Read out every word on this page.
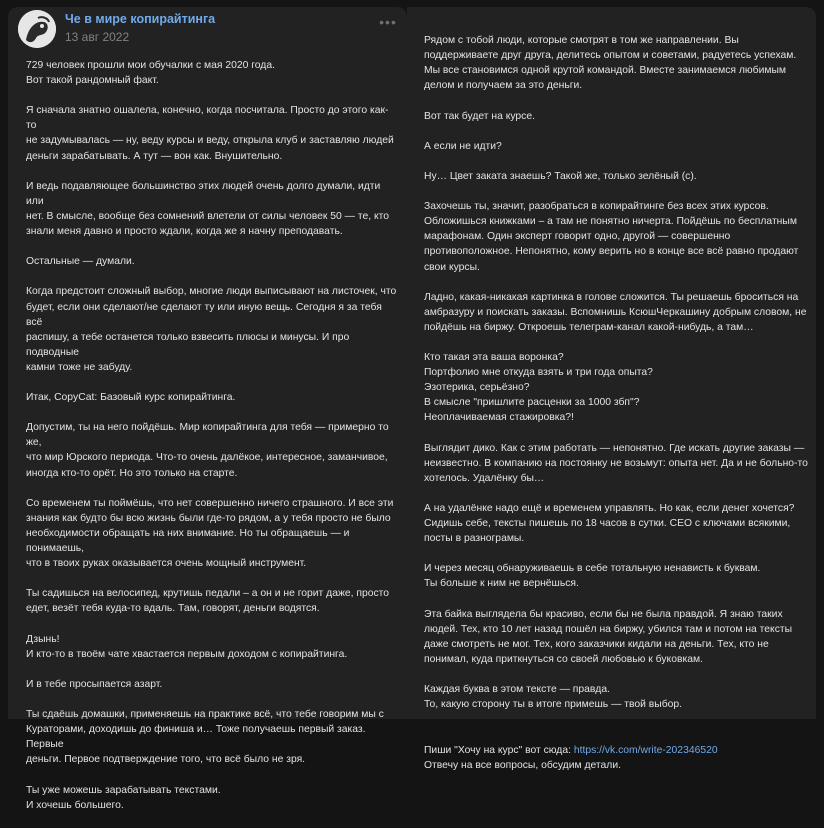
Че в мире копирайтинга
13 авг 2022
•••
729 человек прошли мои обучалки с мая 2020 года.
Вот такой рандомный факт.
Я сначала знатно ошалела, конечно, когда посчитала. Просто до этого как-то
не задумывалась — ну, веду курсы и веду, открыла клуб и заставляю людей
деньги зарабатывать. А тут — вон как. Внушительно.
И ведь подавляющее большинство этих людей очень долго думали, идти или
нет. В смысле, вообще без сомнений влетели от силы человек 50 — те, кто
знали меня давно и просто ждали, когда же я начну преподавать.
Остальные — думали.
Когда предстоит сложный выбор, многие люди выписывают на листочек, что
будет, если они сделают/не сделают ту или иную вещь. Сегодня я за тебя всё
распишу, а тебе останется только взвесить плюсы и минусы. И про подводные
камни тоже не забуду.
Итак, CopyCat: Базовый курс копирайтинга.
Допустим, ты на него пойдёшь. Мир копирайтинга для тебя — примерно то же,
что мир Юрского периода. Что-то очень далёкое, интересное, заманчивое,
иногда кто-то орёт. Но это только на старте.
Со временем ты поймёшь, что нет совершенно ничего страшного. И все эти
знания как будто бы всю жизнь были где-то рядом, а у тебя просто не было
необходимости обращать на них внимание. Но ты обращаешь — и понимаешь,
что в твоих руках оказывается очень мощный инструмент.
Ты садишься на велосипед, крутишь педали – а он и не горит даже, просто
едет, везёт тебя куда-то вдаль. Там, говорят, деньги водятся.
Дзынь!
И кто-то в твоём чате хвастается первым доходом с копирайтинга.
И в тебе просыпается азарт.
Ты сдаёшь домашки, применяешь на практике всё, что тебе говорим мы с
Кураторами, доходишь до финиша и… Тоже получаешь первый заказ. Первые
деньги. Первое подтверждение того, что всё было не зря.
Ты уже можешь зарабатывать текстами.
И хочешь большего.

Рядом с тобой люди, которые смотрят в том же направлении. Вы
поддерживаете друг друга, делитесь опытом и советами, радуетесь успехам.
Мы все становимся одной крутой командой. Вместе занимаемся любимым
делом и получаем за это деньги.
Вот так будет на курсе.
А если не идти?
Ну… Цвет заката знаешь? Такой же, только зелёный (с).
Захочешь ты, значит, разобраться в копирайтинге без всех этих курсов.
Обложишься книжками – а там не понятно ничерта. Пойдёшь по бесплатным
марафонам. Один эксперт говорит одно, другой — совершенно
противоположное. Непонятно, кому верить но в конце все всё равно продают
свои курсы.
Ладно, какая-никакая картинка в голове сложится. Ты решаешь броситься на
амбразуру и поискать заказы. Вспомнишь КсюшЧеркашину добрым словом, не
пойдёшь на биржу. Откроешь телеграм-канал какой-нибудь, а там…
Кто такая эта ваша воронка?
Портфолио мне откуда взять и три года опыта?
Эзотерика, серьёзно?
В смысле "пришлите расценки за 1000 збп"?
Неоплачиваемая стажировка?!
Выглядит дико. Как с этим работать — непонятно. Где искать другие заказы —
неизвестно. В компанию на постоянку не возьмут: опыта нет. Да и не больно-то
хотелось. Удалёнку бы…
А на удалёнке надо ещё и временем управлять. Но как, если денег хочется?
Сидишь себе, тексты пишешь по 18 часов в сутки. CEO с ключами всякими,
посты в разнограмы.
И через месяц обнаруживаешь в себе тотальную ненависть к буквам.
Ты больше к ним не вернёшься.
Эта байка выглядела бы красиво, если бы не была правдой. Я знаю таких
людей. Тех, кто 10 лет назад пошёл на биржу, убился там и потом на тексты
даже смотреть не мог. Тех, кого заказчики кидали на деньги. Тех, кто не
понимал, куда приткнуться со своей любовью к буковкам.
Каждая буква в этом тексте — правда.
То, какую сторону ты в итоге примешь — твой выбор.

Пиши "Хочу на курс" вот сюда: https://vk.com/write-202346520
Отвечу на все вопросы, обсудим детали.
